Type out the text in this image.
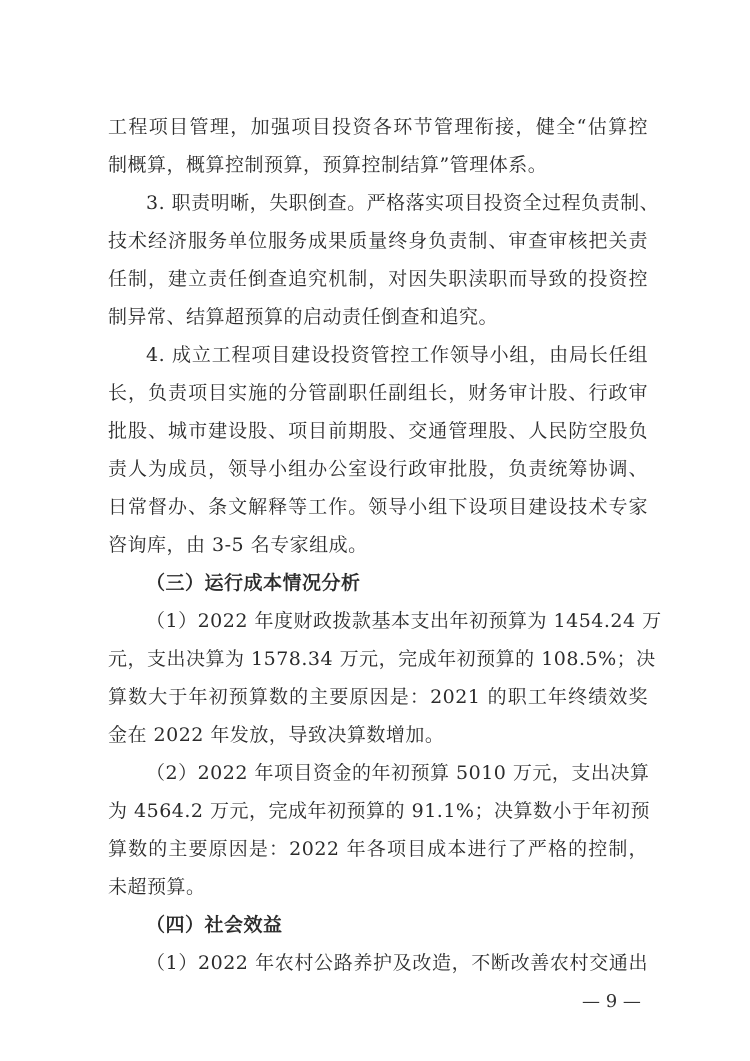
工程项目管理，加强项目投资各环节管理衔接，健全“估算控
制概算，概算控制预算，预算控制结算”管理体系。
3. 职责明晰，失职倒查。严格落实项目投资全过程负责制、
技术经济服务单位服务成果质量终身负责制、审查审核把关责
任制，建立责任倒查追究机制，对因失职渎职而导致的投资控
制异常、结算超预算的启动责任倒查和追究。
4. 成立工程项目建设投资管控工作领导小组，由局长任组
长，负责项目实施的分管副职任副组长，财务审计股、行政审
批股、城市建设股、项目前期股、交通管理股、人民防空股负
责人为成员，领导小组办公室设行政审批股，负责统筹协调、
日常督办、条文解释等工作。领导小组下设项目建设技术专家
咨询库，由 3-5 名专家组成。
（三）运行成本情况分析
（1）2022 年度财政拨款基本支出年初预算为 1454.24 万
元，支出决算为 1578.34 万元，完成年初预算的 108.5%；决
算数大于年初预算数的主要原因是：2021 的职工年终绩效奖
金在 2022 年发放，导致决算数增加。
（2）2022 年项目资金的年初预算 5010 万元，支出决算
为 4564.2 万元，完成年初预算的 91.1%；决算数小于年初预
算数的主要原因是：2022 年各项目成本进行了严格的控制，
未超预算。
（四）社会效益
（1）2022 年农村公路养护及改造，不断改善农村交通出
— 9 —
